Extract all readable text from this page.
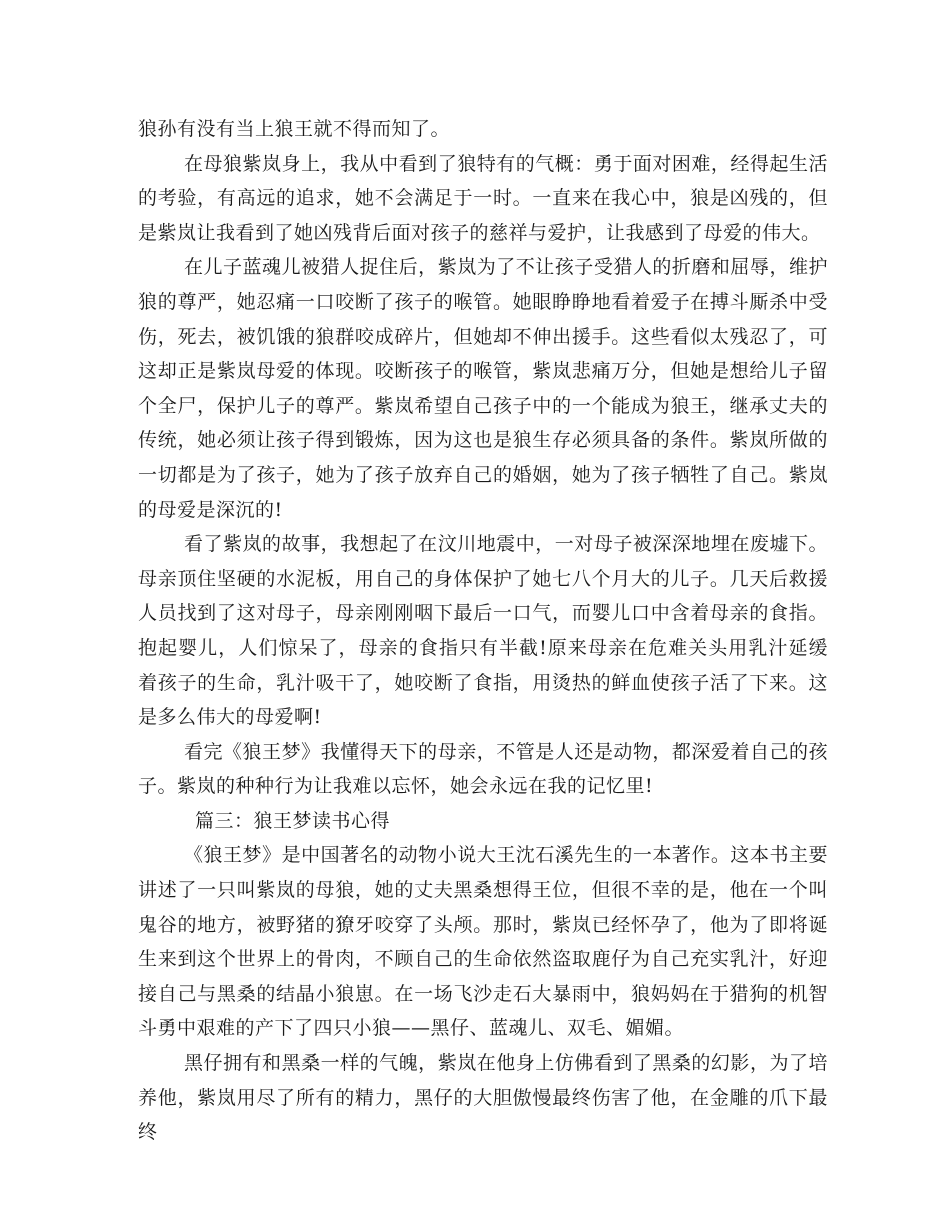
狼孙有没有当上狼王就不得而知了。

在母狼紫岚身上，我从中看到了狼特有的气概：勇于面对困难，经得起生活的考验，有高远的追求，她不会满足于一时。一直来在我心中，狼是凶残的，但是紫岚让我看到了她凶残背后面对孩子的慈祥与爱护，让我感到了母爱的伟大。

在儿子蓝魂儿被猎人捉住后，紫岚为了不让孩子受猎人的折磨和屈辱，维护狼的尊严，她忍痛一口咬断了孩子的喉管。她眼睁睁地看着爱子在搏斗厮杀中受伤，死去，被饥饿的狼群咬成碎片，但她却不伸出援手。这些看似太残忍了，可这却正是紫岚母爱的体现。咬断孩子的喉管，紫岚悲痛万分，但她是想给儿子留个全尸，保护儿子的尊严。紫岚希望自己孩子中的一个能成为狼王，继承丈夫的传统，她必须让孩子得到锻炼，因为这也是狼生存必须具备的条件。紫岚所做的一切都是为了孩子，她为了孩子放弃自己的婚姻，她为了孩子牺牲了自己。紫岚的母爱是深沉的!

看了紫岚的故事，我想起了在汶川地震中，一对母子被深深地埋在废墟下。母亲顶住坚硬的水泥板，用自己的身体保护了她七八个月大的儿子。几天后救援人员找到了这对母子，母亲刚刚咽下最后一口气，而婴儿口中含着母亲的食指。抱起婴儿，人们惊呆了，母亲的食指只有半截!原来母亲在危难关头用乳汁延缓着孩子的生命，乳汁吸干了，她咬断了食指，用烫热的鲜血使孩子活了下来。这是多么伟大的母爱啊!

看完《狼王梦》我懂得天下的母亲，不管是人还是动物，都深爱着自己的孩子。紫岚的种种行为让我难以忘怀，她会永远在我的记忆里!

篇三：狼王梦读书心得

《狼王梦》是中国著名的动物小说大王沈石溪先生的一本著作。这本书主要讲述了一只叫紫岚的母狼，她的丈夫黑桑想得王位，但很不幸的是，他在一个叫鬼谷的地方，被野猪的獠牙咬穿了头颅。那时，紫岚已经怀孕了，他为了即将诞生来到这个世界上的骨肉，不顾自己的生命依然盗取鹿仔为自己充实乳汁，好迎接自己与黑桑的结晶小狼崽。在一场飞沙走石大暴雨中，狼妈妈在于猎狗的机智斗勇中艰难的产下了四只小狼——黑仔、蓝魂儿、双毛、媚媚。

黑仔拥有和黑桑一样的气魄，紫岚在他身上仿佛看到了黑桑的幻影，为了培养他，紫岚用尽了所有的精力，黑仔的大胆傲慢最终伤害了他，在金雕的爪下最终
